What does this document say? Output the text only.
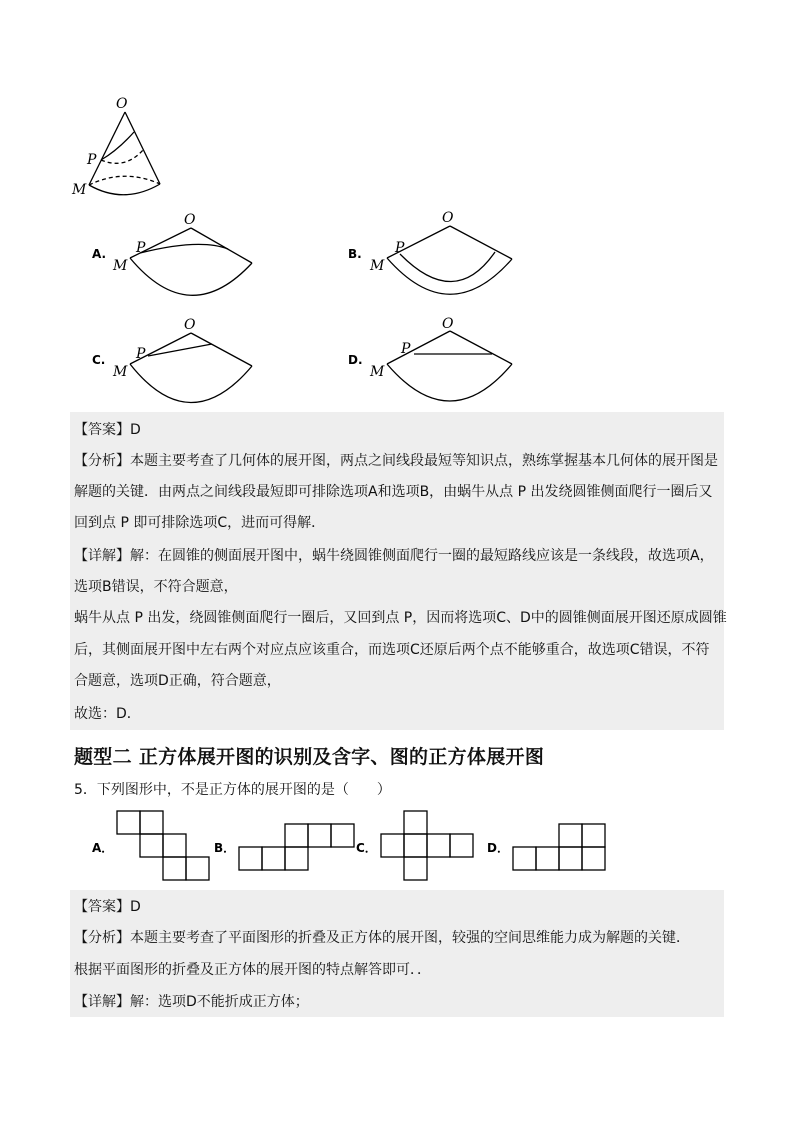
O
P
M
A.
O
P
M
B.
O
P
M
C.
O
P
M
D.
O
P
M
【答案】D
【分析】本题主要考查了几何体的展开图，两点之间线段最短等知识点，熟练掌握基本几何体的展开图是
解题的关键．由两点之间线段最短即可排除选项A和选项B，由蜗牛从点 P 出发绕圆锥侧面爬行一圈后又
回到点 P 即可排除选项C，进而可得解．
【详解】解：在圆锥的侧面展开图中，蜗牛绕圆锥侧面爬行一圈的最短路线应该是一条线段，故选项A，
选项B错误，不符合题意，
蜗牛从点 P 出发，绕圆锥侧面爬行一圈后，又回到点 P，因而将选项C、D中的圆锥侧面展开图还原成圆锥
后，其侧面展开图中左右两个对应点应该重合，而选项C还原后两个点不能够重合，故选项C错误，不符
合题意，选项D正确，符合题意，
故选：D．
题型二 正方体展开图的识别及含字、图的正方体展开图
5．下列图形中，不是正方体的展开图的是（　　）
A．	B．	C．	D．
【答案】D
【分析】本题主要考查了平面图形的折叠及正方体的展开图，较强的空间思维能力成为解题的关键．
根据平面图形的折叠及正方体的展开图的特点解答即可．．
【详解】解：选项D不能折成正方体；
